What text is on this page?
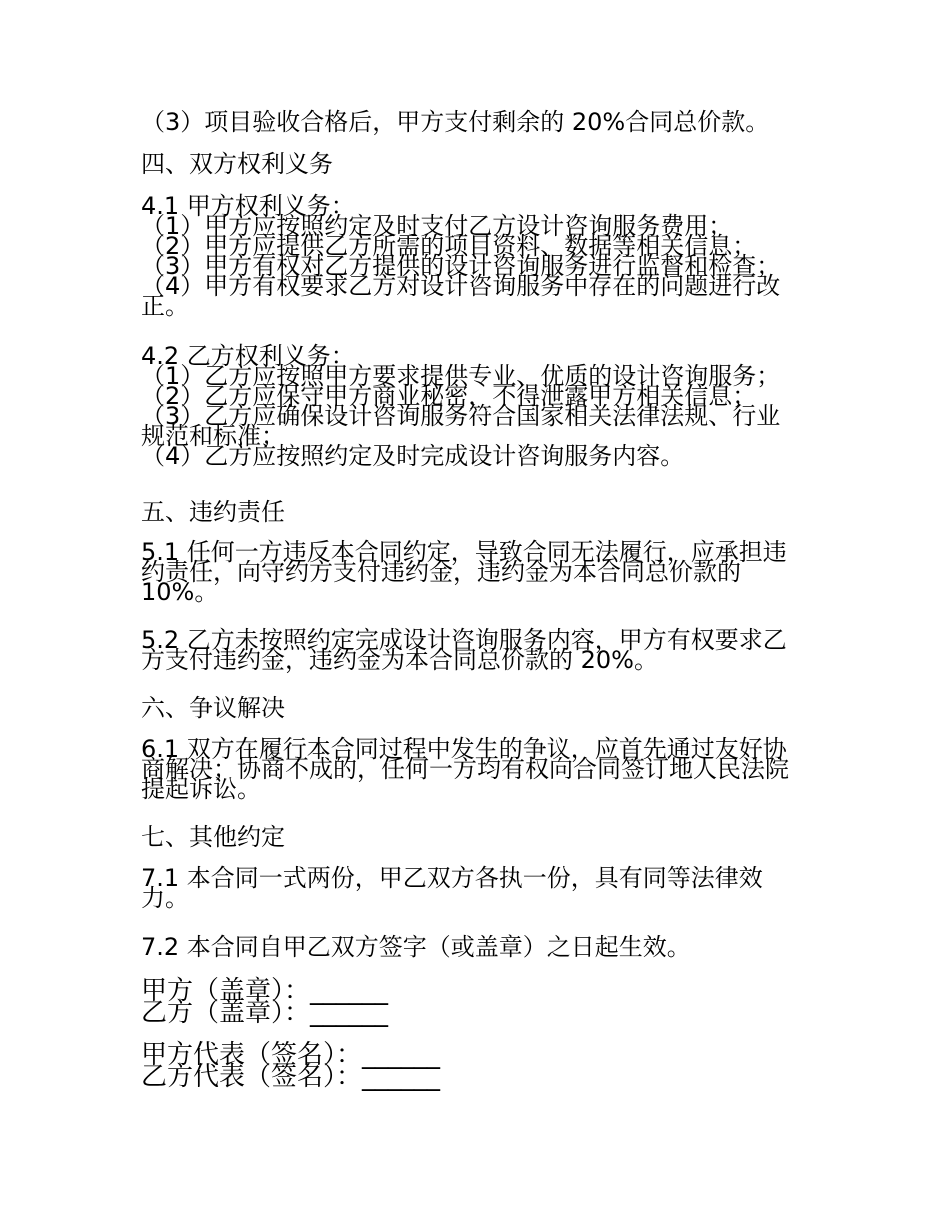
（3）项目验收合格后，甲方支付剩余的 20%合同总价款。
四、双方权利义务
4.1 甲方权利义务：
（1）甲方应按照约定及时支付乙方设计咨询服务费用；
（2）甲方应提供乙方所需的项目资料、数据等相关信息；
（3）甲方有权对乙方提供的设计咨询服务进行监督和检查；
（4）甲方有权要求乙方对设计咨询服务中存在的问题进行改
正。
4.2 乙方权利义务：
（1）乙方应按照甲方要求提供专业、优质的设计咨询服务；
（2）乙方应保守甲方商业秘密，不得泄露甲方相关信息；
（3）乙方应确保设计咨询服务符合国家相关法律法规、行业
规范和标准；
（4）乙方应按照约定及时完成设计咨询服务内容。
五、违约责任
5.1 任何一方违反本合同约定，导致合同无法履行，应承担违
约责任，向守约方支付违约金，违约金为本合同总价款的
10%。
5.2 乙方未按照约定完成设计咨询服务内容，甲方有权要求乙
方支付违约金，违约金为本合同总价款的 20%。
六、争议解决
6.1 双方在履行本合同过程中发生的争议，应首先通过友好协
商解决；协商不成的，任何一方均有权向合同签订地人民法院
提起诉讼。
七、其他约定
7.1 本合同一式两份，甲乙双方各执一份，具有同等法律效
力。
7.2 本合同自甲乙双方签字（或盖章）之日起生效。
甲方（盖章）：______
乙方（盖章）：______
甲方代表（签名）：______
乙方代表（签名）：______
